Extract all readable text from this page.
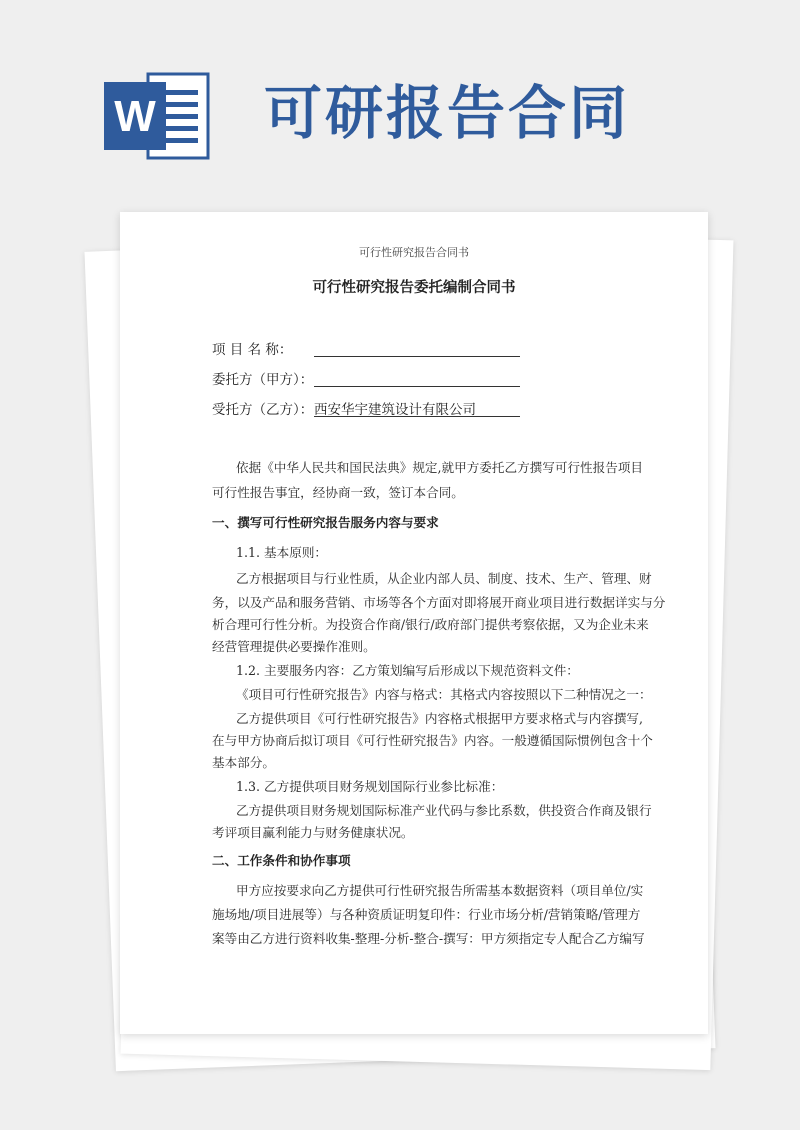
W 可研报告合同
可行性研究报告合同书
可行性研究报告委托编制合同书
项 目 名 称：
委托方（甲方）：
受托方（乙方）： 西安华宇建筑设计有限公司
依据《中华人民共和国民法典》规定,就甲方委托乙方撰写可行性报告项目
可行性报告事宜，经协商一致，签订本合同。
一、撰写可行性研究报告服务内容与要求
1.1. 基本原则：
乙方根据项目与行业性质，从企业内部人员、制度、技术、生产、管理、财
务，以及产品和服务营销、市场等各个方面对即将展开商业项目进行数据详实与分
析合理可行性分析。为投资合作商/银行/政府部门提供考察依据，又为企业未来
经营管理提供必要操作准则。
1.2. 主要服务内容：乙方策划编写后形成以下规范资料文件：
《项目可行性研究报告》内容与格式：其格式内容按照以下二种情况之一：
乙方提供项目《可行性研究报告》内容格式根据甲方要求格式与内容撰写,
在与甲方协商后拟订项目《可行性研究报告》内容。一般遵循国际惯例包含十个
基本部分。
1.3. 乙方提供项目财务规划国际行业参比标准：
乙方提供项目财务规划国际标准产业代码与参比系数，供投资合作商及银行
考评项目赢利能力与财务健康状况。
二、工作条件和协作事项
甲方应按要求向乙方提供可行性研究报告所需基本数据资料（项目单位/实
施场地/项目进展等）与各种资质证明复印件：行业市场分析/营销策略/管理方
案等由乙方进行资料收集-整理-分析-整合-撰写：甲方须指定专人配合乙方编写
